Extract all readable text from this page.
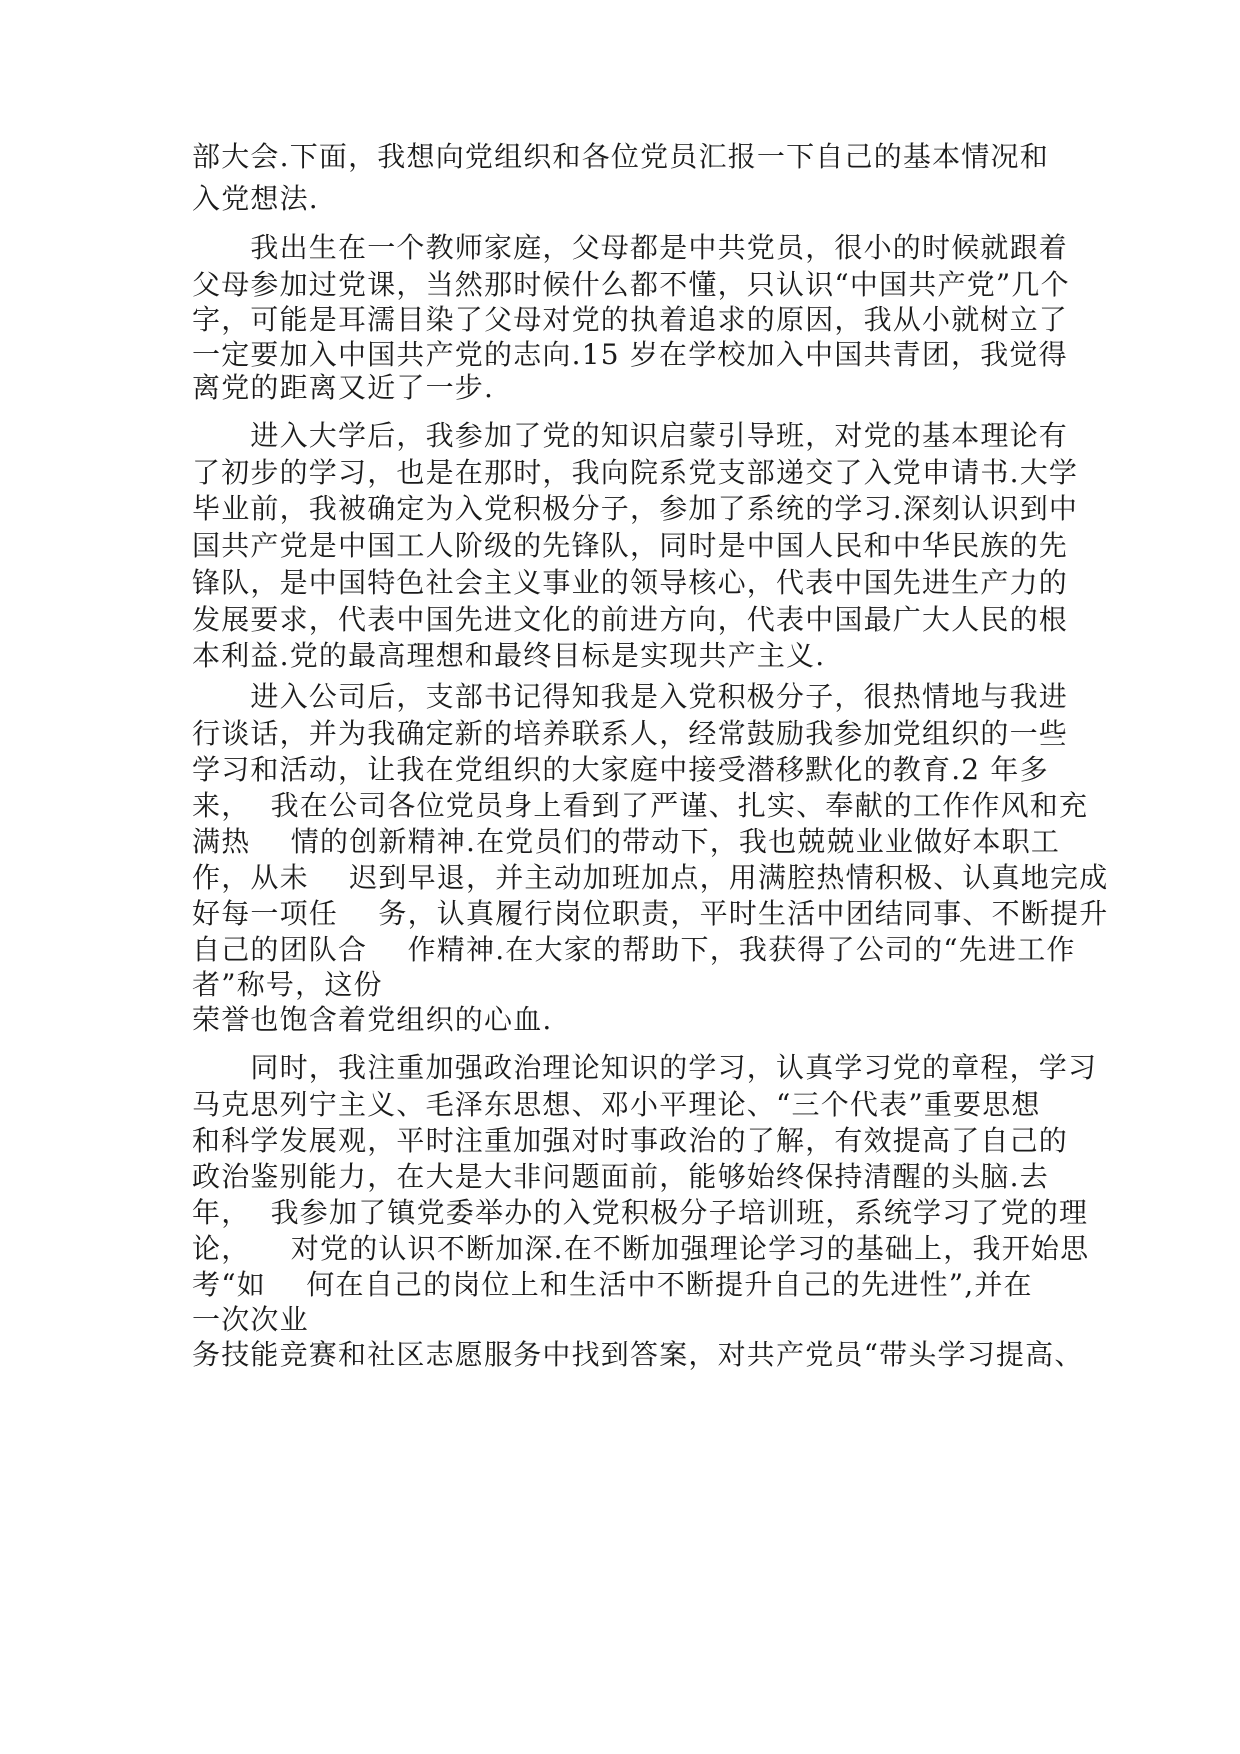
部大会.下面，我想向党组织和各位党员汇报一下自己的基本情况和
入党想法.
　　我出生在一个教师家庭，父母都是中共党员，很小的时候就跟着
父母参加过党课，当然那时候什么都不懂，只认识“中国共产党”几个
字，可能是耳濡目染了父母对党的执着追求的原因，我从小就树立了
一定要加入中国共产党的志向.15 岁在学校加入中国共青团，我觉得
离党的距离又近了一步.
　　进入大学后，我参加了党的知识启蒙引导班，对党的基本理论有
了初步的学习，也是在那时，我向院系党支部递交了入党申请书.大学
毕业前，我被确定为入党积极分子，参加了系统的学习.深刻认识到中
国共产党是中国工人阶级的先锋队，同时是中国人民和中华民族的先
锋队，是中国特色社会主义事业的领导核心，代表中国先进生产力的
发展要求，代表中国先进文化的前进方向，代表中国最广大人民的根
本利益.党的最高理想和最终目标是实现共产主义.
　　进入公司后，支部书记得知我是入党积极分子，很热情地与我进
行谈话，并为我确定新的培养联系人，经常鼓励我参加党组织的一些
学习和活动，让我在党组织的大家庭中接受潜移默化的教育.2 年多
来，  我在公司各位党员身上看到了严谨、扎实、奉献的工作作风和充
满热    情的创新精神.在党员们的带动下，我也兢兢业业做好本职工
作，从未    迟到早退，并主动加班加点，用满腔热情积极、认真地完成
好每一项任    务，认真履行岗位职责，平时生活中团结同事、不断提升
自己的团队合    作精神.在大家的帮助下，我获得了公司的“先进工作
者”称号，这份
荣誉也饱含着党组织的心血.
　　同时，我注重加强政治理论知识的学习，认真学习党的章程，学习
马克思列宁主义、毛泽东思想、邓小平理论、“三个代表”重要思想
和科学发展观，平时注重加强对时事政治的了解，有效提高了自己的
政治鉴别能力，在大是大非问题面前，能够始终保持清醒的头脑.去
年，  我参加了镇党委举办的入党积极分子培训班，系统学习了党的理
论，    对党的认识不断加深.在不断加强理论学习的基础上，我开始思
考“如    何在自己的岗位上和生活中不断提升自己的先进性”,并在
一次次业
务技能竞赛和社区志愿服务中找到答案，对共产党员“带头学习提高、
